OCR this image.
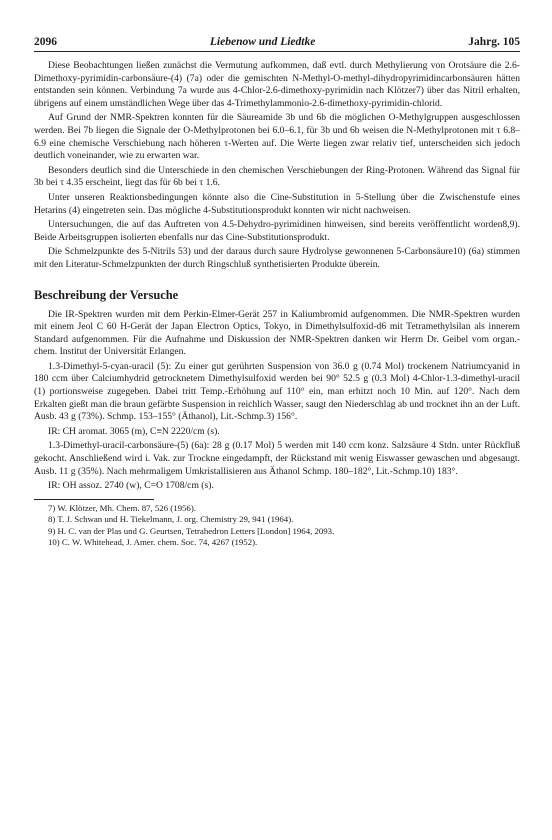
2096	Liebenow und Liedtke	Jahrg. 105

Diese Beobachtungen ließen zunächst die Vermutung aufkommen, daß evtl. durch Methylierung von Orotsäure die 2.6-Dimethoxy-pyrimidin-carbonsäure-(4) (7a) oder die gemischten N-Methyl-O-methyl-dihydropyrimidincarbonsäuren hätten entstanden sein können. Verbindung 7a wurde aus 4-Chlor-2.6-dimethoxy-pyrimidin nach Klötzer7) über das Nitril erhalten, übrigens auf einem umständlichen Wege über das 4-Trimethylammonio-2.6-dimethoxy-pyrimidin-chlorid.

Auf Grund der NMR-Spektren konnten für die Säureamide 3b und 6b die möglichen O-Methylgruppen ausgeschlossen werden. Bei 7b liegen die Signale der O-Methylprotonen bei 6.0–6.1, für 3b und 6b weisen die N-Methylprotonen mit τ 6.8–6.9 eine chemische Verschiebung nach höheren τ-Werten auf. Die Werte liegen zwar relativ tief, unterscheiden sich jedoch deutlich voneinander, wie zu erwarten war.

Besonders deutlich sind die Unterschiede in den chemischen Verschiebungen der Ring-Protonen. Während das Signal für 3b bei τ 4.35 erscheint, liegt das für 6b bei τ 1.6.

Unter unseren Reaktionsbedingungen könnte also die Cine-Substitution in 5-Stellung über die Zwischenstufe eines Hetarins (4) eingetreten sein. Das mögliche 4-Substitutionsprodukt konnten wir nicht nachweisen.

Untersuchungen, die auf das Auftreten von 4.5-Dehydro-pyrimidinen hinweisen, sind bereits veröffentlicht worden8,9). Beide Arbeitsgruppen isolierten ebenfalls nur das Cine-Substitutionsprodukt.

Die Schmelzpunkte des 5-Nitrils 53) und der daraus durch saure Hydrolyse gewonnenen 5-Carbonsäure10) (6a) stimmen mit den Literatur-Schmelzpunkten der durch Ringschluß synthetisierten Produkte überein.

Beschreibung der Versuche

Die IR-Spektren wurden mit dem Perkin-Elmer-Gerät 257 in Kaliumbromid aufgenommen. Die NMR-Spektren wurden mit einem Jeol C 60 H-Gerät der Japan Electron Optics, Tokyo, in Dimethylsulfoxid-d6 mit Tetramethylsilan als innerem Standard aufgenommen. Für die Aufnahme und Diskussion der NMR-Spektren danken wir Herrn Dr. Geibel vom organ.-chem. Institut der Universität Erlangen.

1.3-Dimethyl-5-cyan-uracil (5): Zu einer gut gerührten Suspension von 36.0 g (0.74 Mol) trockenem Natriumcyanid in 180 ccm über Calciumhydrid getrocknetem Dimethylsulfoxid werden bei 90° 52.5 g (0.3 Mol) 4-Chlor-1.3-dimethyl-uracil (1) portionsweise zugegeben. Dabei tritt Temp.-Erhöhung auf 110° ein, man erhitzt noch 10 Min. auf 120°. Nach dem Erkalten gießt man die braun gefärbte Suspension in reichlich Wasser, saugt den Niederschlag ab und trocknet ihn an der Luft. Ausb. 43 g (73%). Schmp. 153–155° (Äthanol), Lit.-Schmp.3) 156°.

IR: CH aromat. 3065 (m), C≡N 2220/cm (s).

1.3-Dimethyl-uracil-carbonsäure-(5) (6a): 28 g (0.17 Mol) 5 werden mit 140 ccm konz. Salzsäure 4 Stdn. unter Rückfluß gekocht. Anschließend wird i. Vak. zur Trockne eingedampft, der Rückstand mit wenig Eiswasser gewaschen und abgesaugt. Ausb. 11 g (35%). Nach mehrmaligem Umkristallisieren aus Äthanol Schmp. 180–182°, Lit.-Schmp.10) 183°.

IR: OH assoz. 2740 (w), C=O 1708/cm (s).

7) W. Klötzer, Mh. Chem. 87, 526 (1956).

8) T. J. Schwan und H. Tiekelmann, J. org. Chemistry 29, 941 (1964).

9) H. C. van der Plas und G. Geurtsen, Tetrahedron Letters [London] 1964, 2093.

10) C. W. Whitehead, J. Amer. chem. Soc. 74, 4267 (1952).
